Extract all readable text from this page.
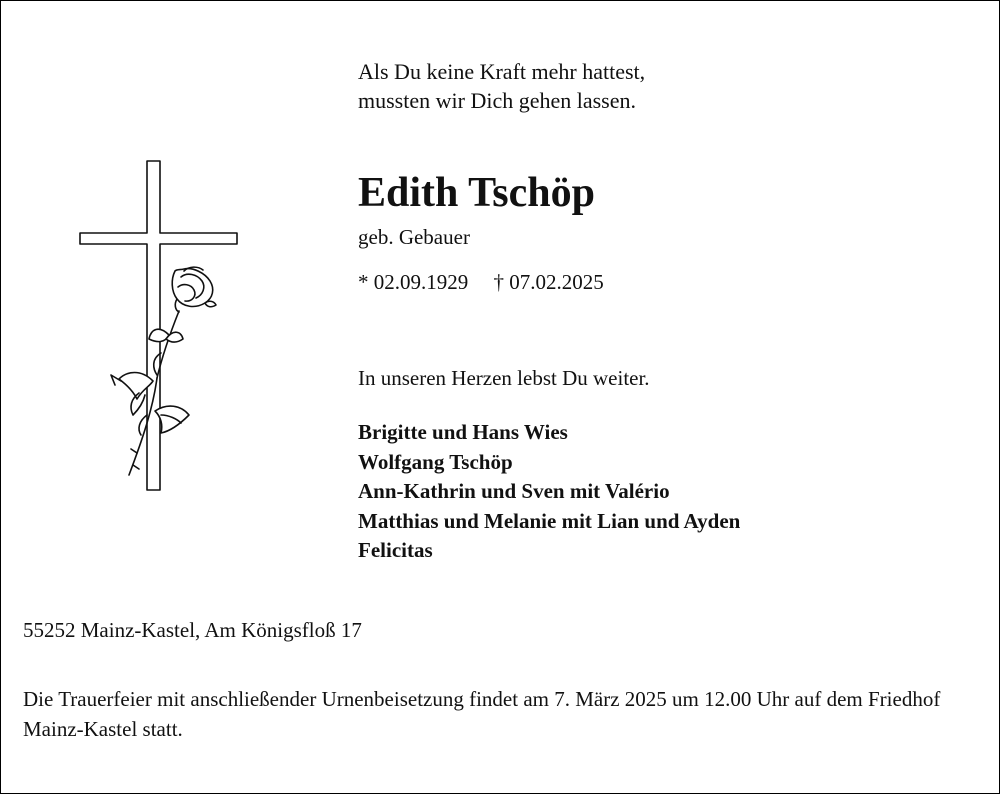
Als Du keine Kraft mehr hattest,
mussten wir Dich gehen lassen.
Edith Tschöp
geb. Gebauer
* 02.09.1929 † 07.02.2025
In unseren Herzen lebst Du weiter.
Brigitte und Hans Wies
Wolfgang Tschöp
Ann-Kathrin und Sven mit Valério
Matthias und Melanie mit Lian und Ayden
Felicitas
55252 Mainz-Kastel, Am Königsfloß 17
Die Trauerfeier mit anschließender Urnenbeisetzung findet am 7. März 2025 um 12.00 Uhr auf dem Friedhof Mainz-Kastel statt.
